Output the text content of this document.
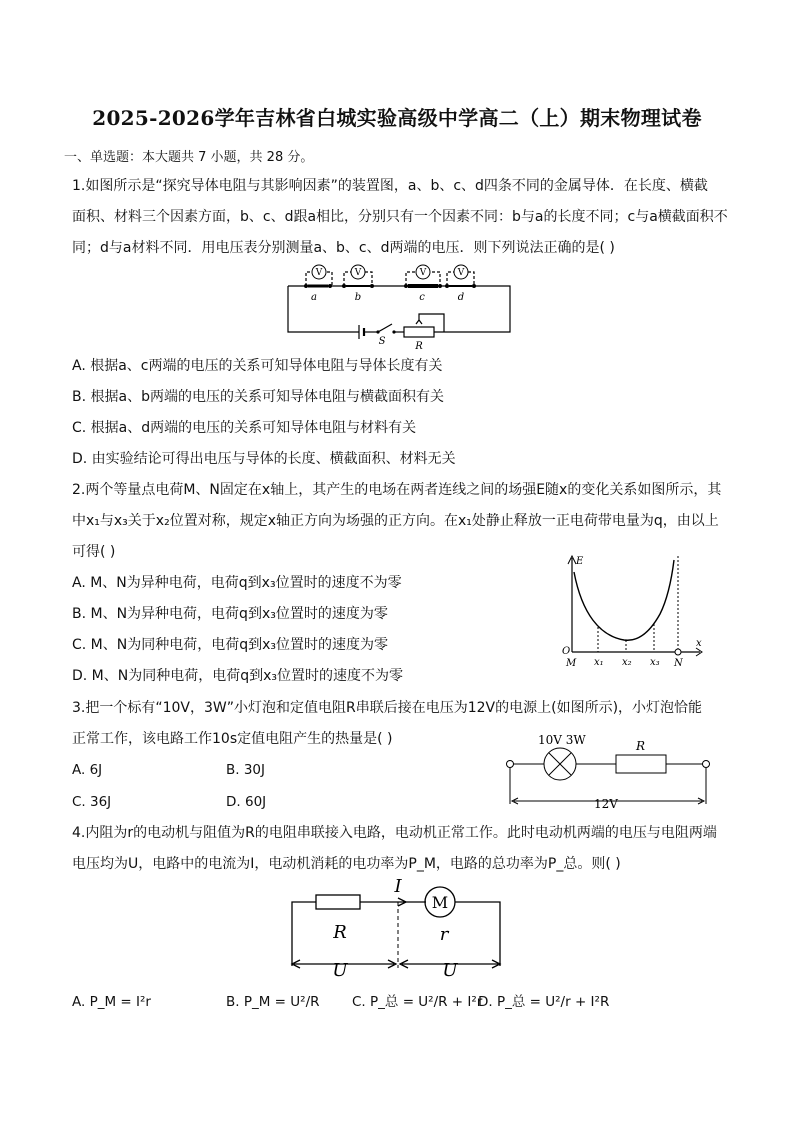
2025-2026学年吉林省白城实验高级中学高二（上）期末物理试卷
一、单选题：本大题共 7 小题，共 28 分。
1.如图所示是“探究导体电阻与其影响因素”的装置图，a、b、c、d四条不同的金属导体．在长度、横截
面积、材料三个因素方面，b、c、d跟a相比，分别只有一个因素不同：b与a的长度不同；c与a横截面积不
同；d与a材料不同．用电压表分别测量a、b、c、d两端的电压．则下列说法正确的是( )
V	V	V	V
a	b	c	d
S	R
A. 根据a、c两端的电压的关系可知导体电阻与导体长度有关
B. 根据a、b两端的电压的关系可知导体电阻与横截面积有关
C. 根据a、d两端的电压的关系可知导体电阻与材料有关
D. 由实验结论可得出电压与导体的长度、横截面积、材料无关
2.两个等量点电荷M、N固定在x轴上，其产生的电场在两者连线之间的场强E随x的变化关系如图所示，其
中x₁与x₃关于x₂位置对称，规定x轴正方向为场强的正方向。在x₁处静止释放一正电荷带电量为q，由以上
可得( )
A. M、N为异种电荷，电荷q到x₃位置时的速度不为零
B. M、N为异种电荷，电荷q到x₃位置时的速度为零
C. M、N为同种电荷，电荷q到x₃位置时的速度为零
D. M、N为同种电荷，电荷q到x₃位置时的速度不为零
E
x
O
M x₁ x₂ x₃ N
3.把一个标有“10V，3W”小灯泡和定值电阻R串联后接在电压为12V的电源上(如图所示)，小灯泡恰能
正常工作，该电路工作10s定值电阻产生的热量是( )
A. 6J	B. 30J
C. 36J	D. 60J
10V 3W	R
12V
4.内阻为r的电动机与阻值为R的电阻串联接入电路，电动机正常工作。此时电动机两端的电压与电阻两端
电压均为U，电路中的电流为I，电动机消耗的电功率为P_M，电路的总功率为P_总。则( )
I
M
R	r
U	U
A. P_M = I²r	B. P_M = U²/R C. P_总 = U²/R + I²r
D. P_总 = U²/r + I²R
